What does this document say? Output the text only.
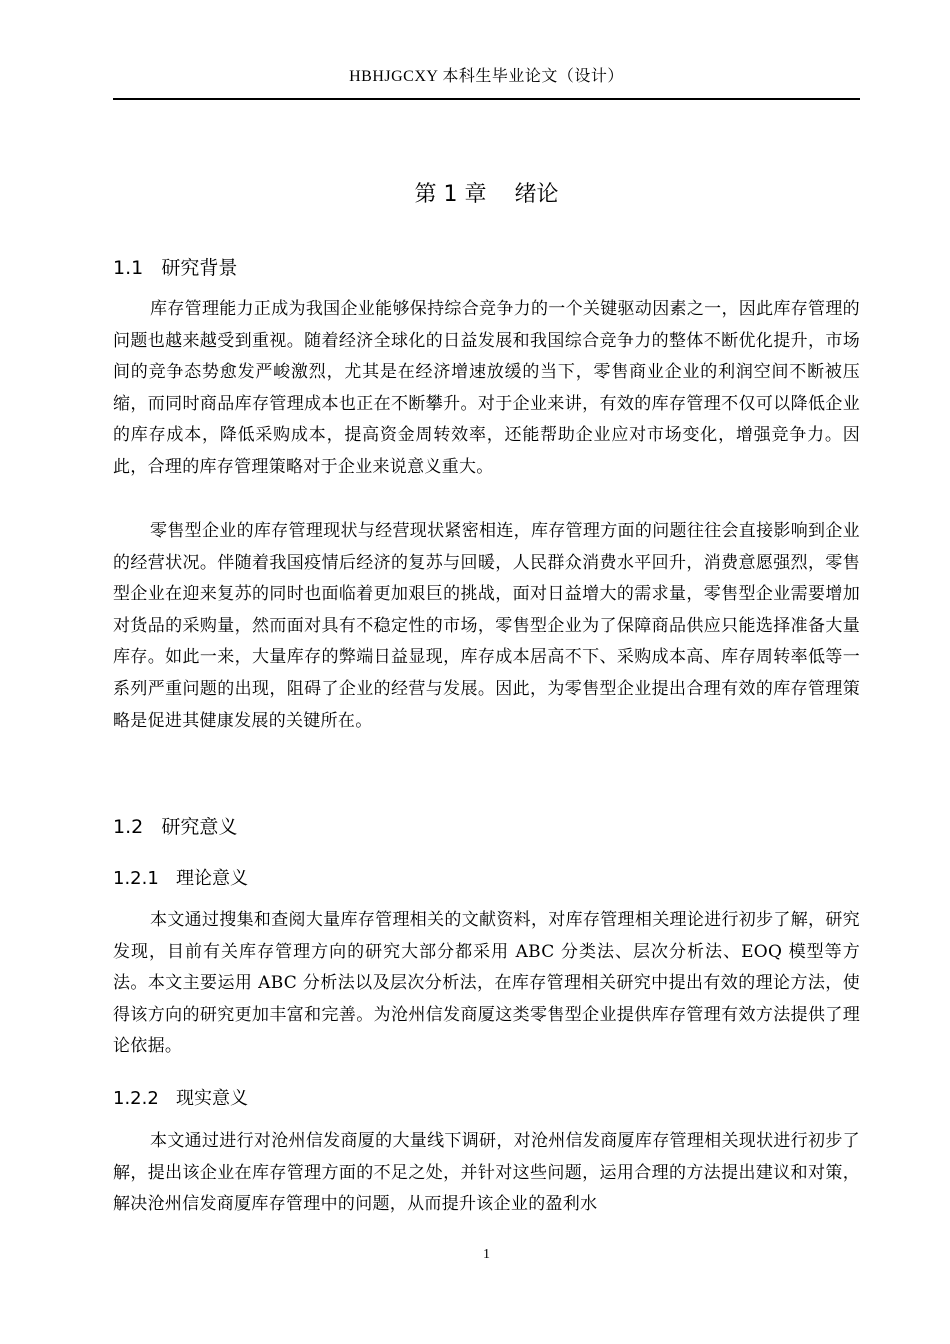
HBHJGCXY 本科生毕业论文（设计）
第 1 章    绪论
1.1   研究背景
库存管理能力正成为我国企业能够保持综合竞争力的一个关键驱动因素之一，因此库存管理的问题也越来越受到重视。随着经济全球化的日益发展和我国综合竞争力的整体不断优化提升，市场间的竞争态势愈发严峻激烈，尤其是在经济增速放缓的当下，零售商业企业的利润空间不断被压缩，而同时商品库存管理成本也正在不断攀升。对于企业来讲，有效的库存管理不仅可以降低企业的库存成本，降低采购成本，提高资金周转效率，还能帮助企业应对市场变化，增强竞争力。因此，合理的库存管理策略对于企业来说意义重大。
零售型企业的库存管理现状与经营现状紧密相连，库存管理方面的问题往往会直接影响到企业的经营状况。伴随着我国疫情后经济的复苏与回暖，人民群众消费水平回升，消费意愿强烈，零售型企业在迎来复苏的同时也面临着更加艰巨的挑战，面对日益增大的需求量，零售型企业需要增加对货品的采购量，然而面对具有不稳定性的市场，零售型企业为了保障商品供应只能选择准备大量库存。如此一来，大量库存的弊端日益显现，库存成本居高不下、采购成本高、库存周转率低等一系列严重问题的出现，阻碍了企业的经营与发展。因此，为零售型企业提出合理有效的库存管理策略是促进其健康发展的关键所在。
1.2   研究意义
1.2.1   理论意义
本文通过搜集和查阅大量库存管理相关的文献资料，对库存管理相关理论进行初步了解，研究发现，目前有关库存管理方向的研究大部分都采用 ABC 分类法、层次分析法、EOQ 模型等方法。本文主要运用 ABC 分析法以及层次分析法，在库存管理相关研究中提出有效的理论方法，使得该方向的研究更加丰富和完善。为沧州信发商厦这类零售型企业提供库存管理有效方法提供了理论依据。
1.2.2   现实意义
本文通过进行对沧州信发商厦的大量线下调研，对沧州信发商厦库存管理相关现状进行初步了解，提出该企业在库存管理方面的不足之处，并针对这些问题，运用合理的方法提出建议和对策，解决沧州信发商厦库存管理中的问题，从而提升该企业的盈利水
1
